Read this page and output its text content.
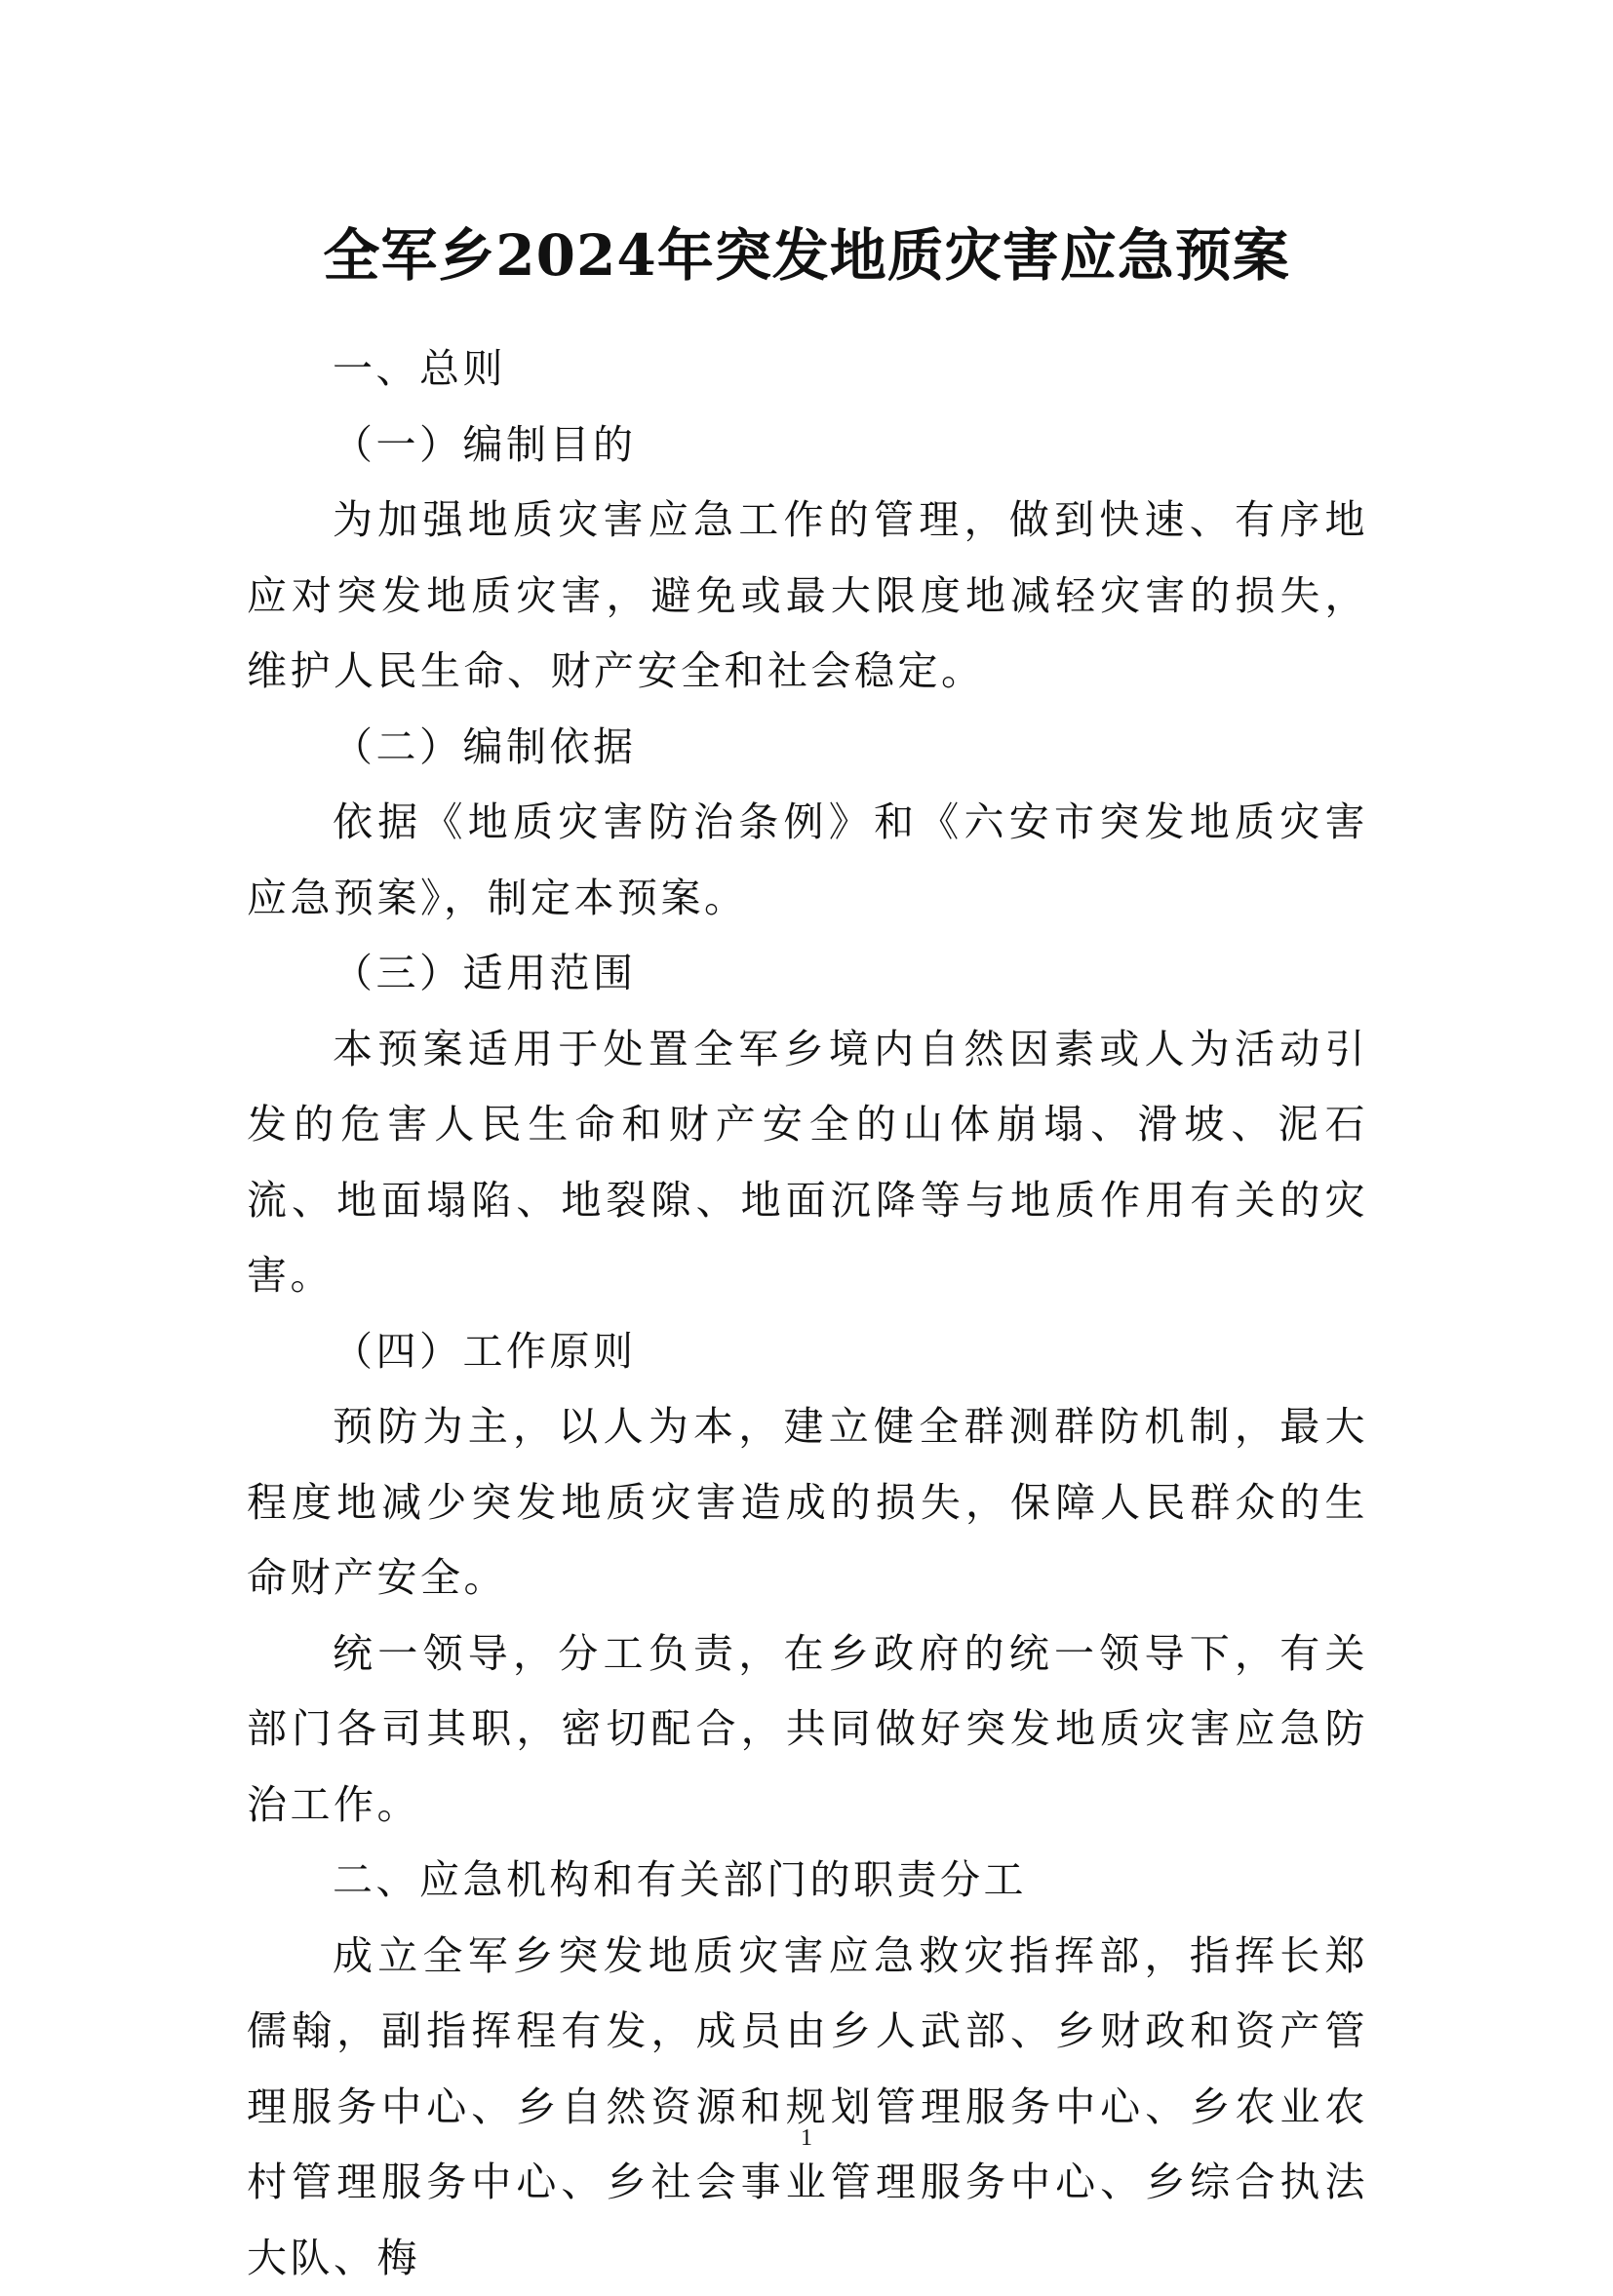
全军乡2024年突发地质灾害应急预案

一、总则

（一）编制目的

为加强地质灾害应急工作的管理，做到快速、有序地应对突发地质灾害，避免或最大限度地减轻灾害的损失，维护人民生命、财产安全和社会稳定。

（二）编制依据

依据《地质灾害防治条例》和《六安市突发地质灾害应急预案》，制定本预案。

（三）适用范围

本预案适用于处置全军乡境内自然因素或人为活动引发的危害人民生命和财产安全的山体崩塌、滑坡、泥石流、地面塌陷、地裂隙、地面沉降等与地质作用有关的灾害。

（四）工作原则

预防为主，以人为本，建立健全群测群防机制，最大程度地减少突发地质灾害造成的损失，保障人民群众的生命财产安全。

统一领导，分工负责，在乡政府的统一领导下，有关部门各司其职，密切配合，共同做好突发地质灾害应急防治工作。

二、应急机构和有关部门的职责分工

成立全军乡突发地质灾害应急救灾指挥部，指挥长郑儒翰，副指挥程有发，成员由乡人武部、乡财政和资产管理服务中心、乡自然资源和规划管理服务中心、乡农业农村管理服务中心、乡社会事业管理服务中心、乡综合执法大队、梅

1
